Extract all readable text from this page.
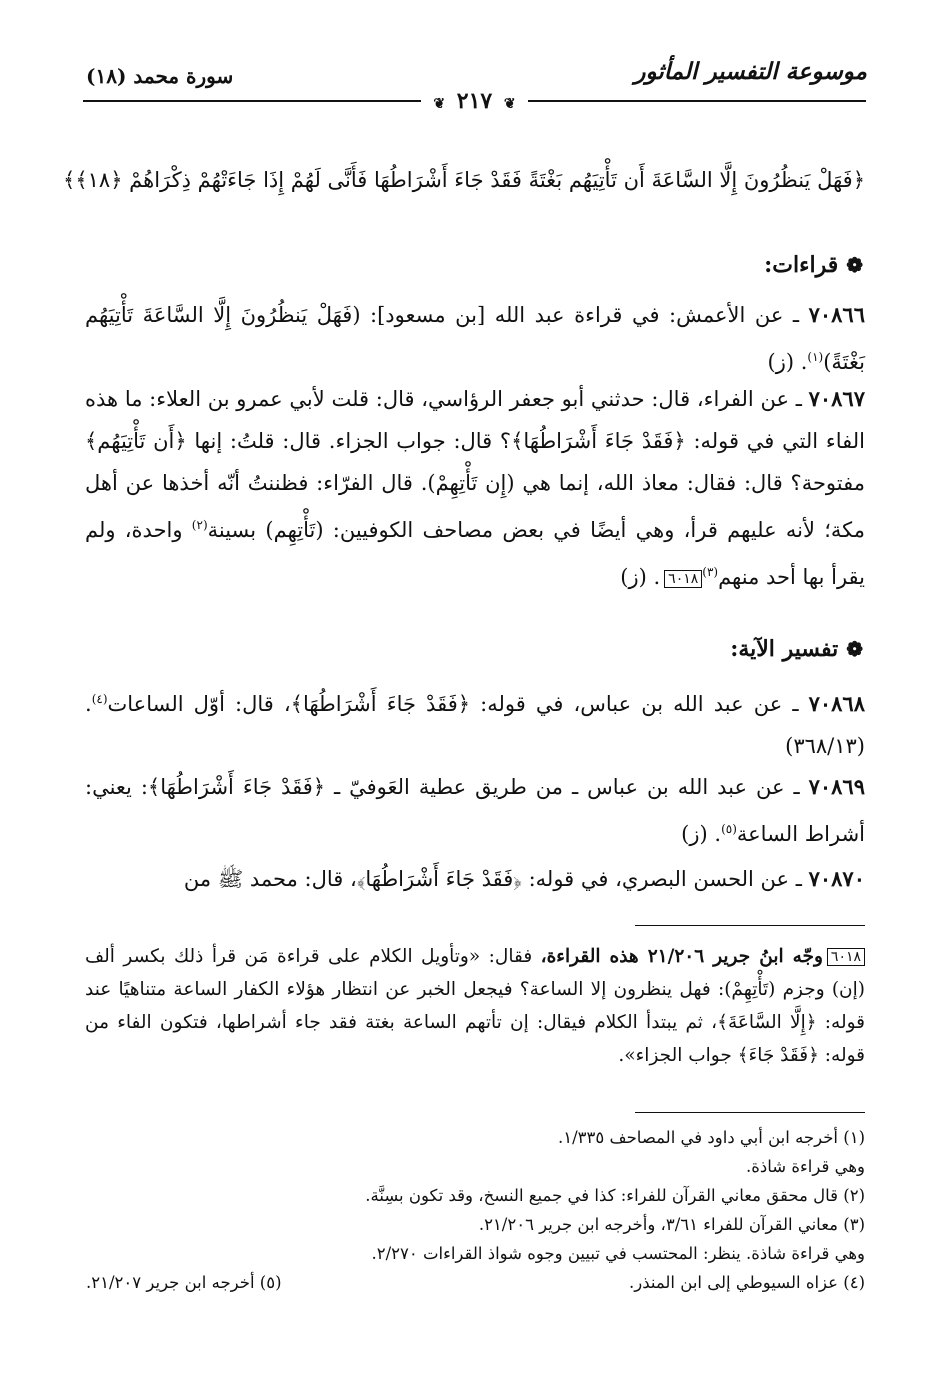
سورة محمد (١٨)	موسوعة التفسير المأثور
❦ ٢١٧ ❦
﴿فَهَلْ يَنظُرُونَ إِلَّا السَّاعَةَ أَن تَأْتِيَهُم بَغْتَةً فَقَدْ جَاءَ أَشْرَاطُهَا فَأَنَّى لَهُمْ إِذَا جَاءَتْهُمْ ذِكْرَاهُمْ ﴿١٨﴾﴾
❁قراءات:

٧٠٨٦٦ ـ عن الأعمش: في قراءة عبد الله [بن مسعود]: (فَهَلْ يَنظُرُونَ إِلَّا السَّاعَةَ تَأْتِيَهُم بَغْتَةً)$^{(١)}$. (ز)

٧٠٨٦٧ ـ عن الفراء، قال: حدثني أبو جعفر الرؤاسي، قال: قلت لأبي عمرو بن العلاء: ما هذه الفاء التي في قوله: ﴿فَقَدْ جَاءَ أَشْرَاطُهَا﴾؟ قال: جواب الجزاء. قال: قلتُ: إنها ﴿أَن تَأْتِيَهُم﴾ مفتوحة؟ قال: فقال: معاذ الله، إنما هي (إِن تَأْتِهِمْ). قال الفرّاء: فظننتُ أنّه أخذها عن أهل مكة؛ لأنه عليهم قرأ، وهي أيضًا في بعض مصاحف الكوفيين: (تَأْتِهِم) بسينة$^{(٢)}$ واحدة، ولم يقرأ بها أحد منهم$^{(٣)}$٦٠١٨. (ز)

❁تفسير الآية:

٧٠٨٦٨ ـ عن عبد الله بن عباس، في قوله: ﴿فَقَدْ جَاءَ أَشْرَاطُهَا﴾، قال: أوّل الساعات$^{(٤)}$. (٣٦٨/١٣)

٧٠٨٦٩ ـ عن عبد الله بن عباس ـ من طريق عطية العَوفيّ ـ ﴿فَقَدْ جَاءَ أَشْرَاطُهَا﴾: يعني: أشراط الساعة$^{(٥)}$. (ز)

٧٠٨٧٠ ـ عن الحسن البصري، في قوله: ﴿فَقَدْ جَاءَ أَشْرَاطُهَا﴾، قال: محمد ﷺ من

٦٠١٨وجّه ابنُ جرير ٢١/٢٠٦ هذه القراءة، فقال: «وتأويل الكلام على قراءة مَن قرأ ذلك بكسر ألف (إن) وجزم (تَأْتِهِمْ): فهل ينظرون إلا الساعة؟ فيجعل الخبر عن انتظار هؤلاء الكفار الساعة متناهيًا عند قوله: ﴿إِلَّا السَّاعَةَ﴾، ثم يبتدأ الكلام فيقال: إن تأتهم الساعة بغتة فقد جاء أشراطها، فتكون الفاء من قوله: ﴿فَقَدْ جَاءَ﴾ جواب الجزاء».
(١) أخرجه ابن أبي داود في المصاحف ١/٣٣٥.
وهي قراءة شاذة.
(٢) قال محقق معاني القرآن للفراء: كذا في جميع النسخ، وقد تكون بسِنَّة.
(٣) معاني القرآن للفراء ٣/٦١، وأخرجه ابن جرير ٢١/٢٠٦.
وهي قراءة شاذة. ينظر: المحتسب في تبيين وجوه شواذ القراءات ٢/٢٧٠.
(٤) عزاه السيوطي إلى ابن المنذر.
(٥) أخرجه ابن جرير ٢١/٢٠٧.
